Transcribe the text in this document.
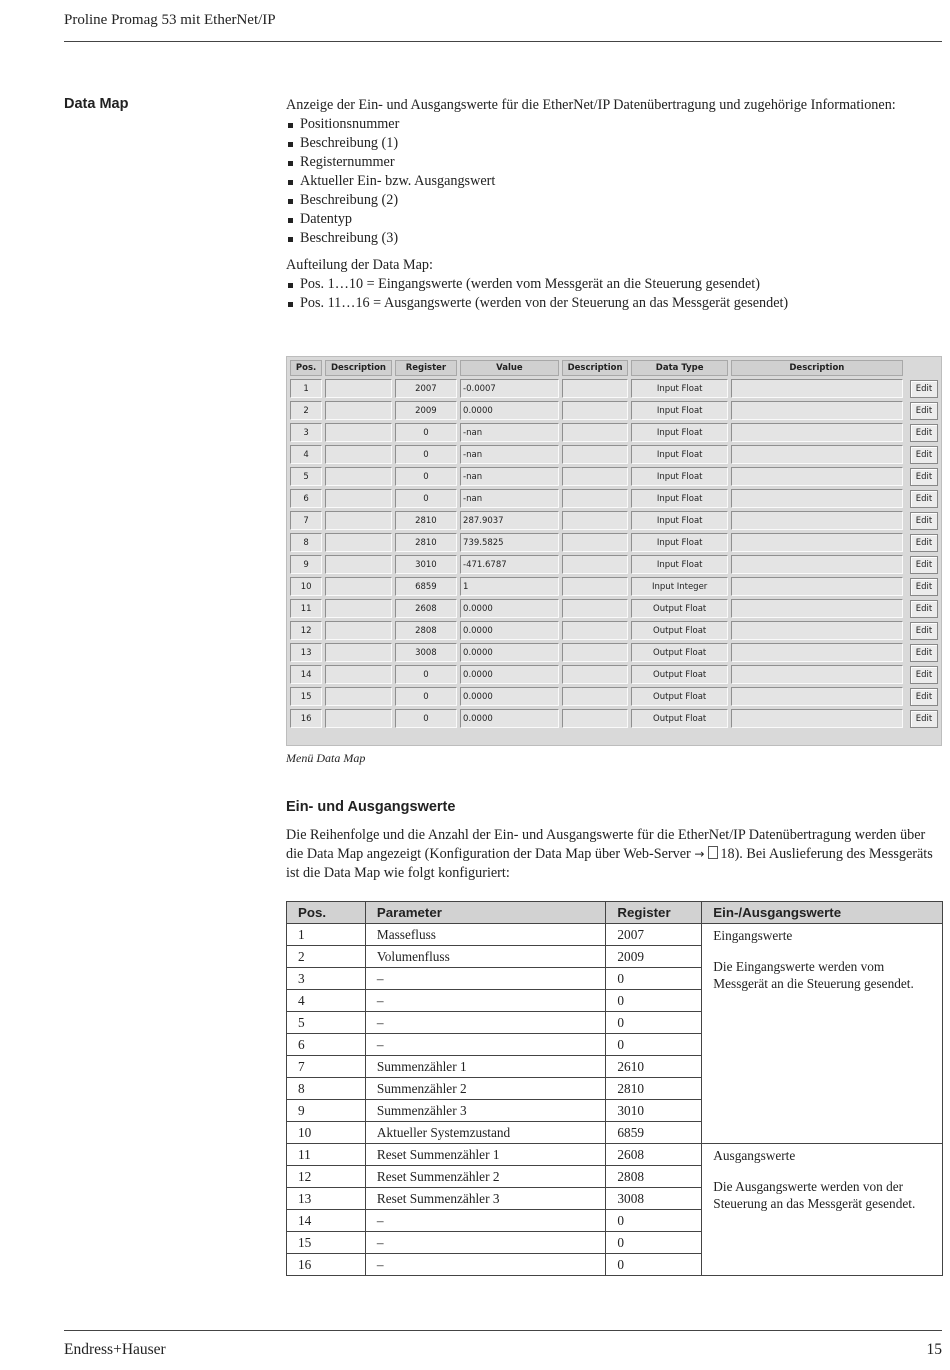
Proline Promag 53 mit EtherNet/IP
Data Map	Anzeige der Ein- und Ausgangswerte für die EtherNet/IP Datenübertragung und zugehörige Informationen:

Positionsnummer
Beschreibung (1)
Registernummer
Aktueller Ein- bzw. Ausgangswert
Beschreibung (2)
Datentyp
Beschreibung (3)
Aufteilung der Data Map:
Pos. 1…10 = Eingangswerte (werden vom Messgerät an die Steuerung gesendet)
Pos. 11…16 = Ausgangswerte (werden von der Steuerung an das Messgerät gesendet)
Pos.	Description	Register	Value	Description	Data Type	Description	
1		2007	-0.0007		Input Float		Edit
2		2009	0.0000		Input Float		Edit
3		0	-nan		Input Float		Edit
4		0	-nan		Input Float		Edit
5		0	-nan		Input Float		Edit
6		0	-nan		Input Float		Edit
7		2810	287.9037		Input Float		Edit
8		2810	739.5825		Input Float		Edit
9		3010	-471.6787		Input Float		Edit
10		6859	1		Input Integer		Edit
11		2608	0.0000		Output Float		Edit
12		2808	0.0000		Output Float		Edit
13		3008	0.0000		Output Float		Edit
14		0	0.0000		Output Float		Edit
15		0	0.0000		Output Float		Edit
16		0	0.0000		Output Float		Edit
Menü Data Map
Ein- und Ausgangswerte

Die Reihenfolge und die Anzahl der Ein- und Ausgangswerte für die EtherNet/IP Datenübertragung werden über die Data Map angezeigt (Konfiguration der Data Map über Web-Server → 18). Bei Auslieferung des Messgeräts ist die Data Map wie folgt konfiguriert:

Pos.	Parameter	Register	Ein-/Ausgangswerte
1	Massefluss	2007	Eingangswerte
Die Eingangswerte werden vom Messgerät an die Steuerung gesendet.

2	Volumenfluss	2009	
3	–	0	
4	–	0	
5	–	0	
6	–	0	
7	Summenzähler 1	2610	
8	Summenzähler 2	2810	
9	Summenzähler 3	3010	
10	Aktueller Systemzustand	6859	
11	Reset Summenzähler 1	2608	Ausgangswerte
Die Ausgangswerte werden von der Steuerung an das Messgerät gesendet.

12	Reset Summenzähler 2	2808	
13	Reset Summenzähler 3	3008	
14	–	0	
15	–	0	
16	–	0	
Endress+Hauser	15
